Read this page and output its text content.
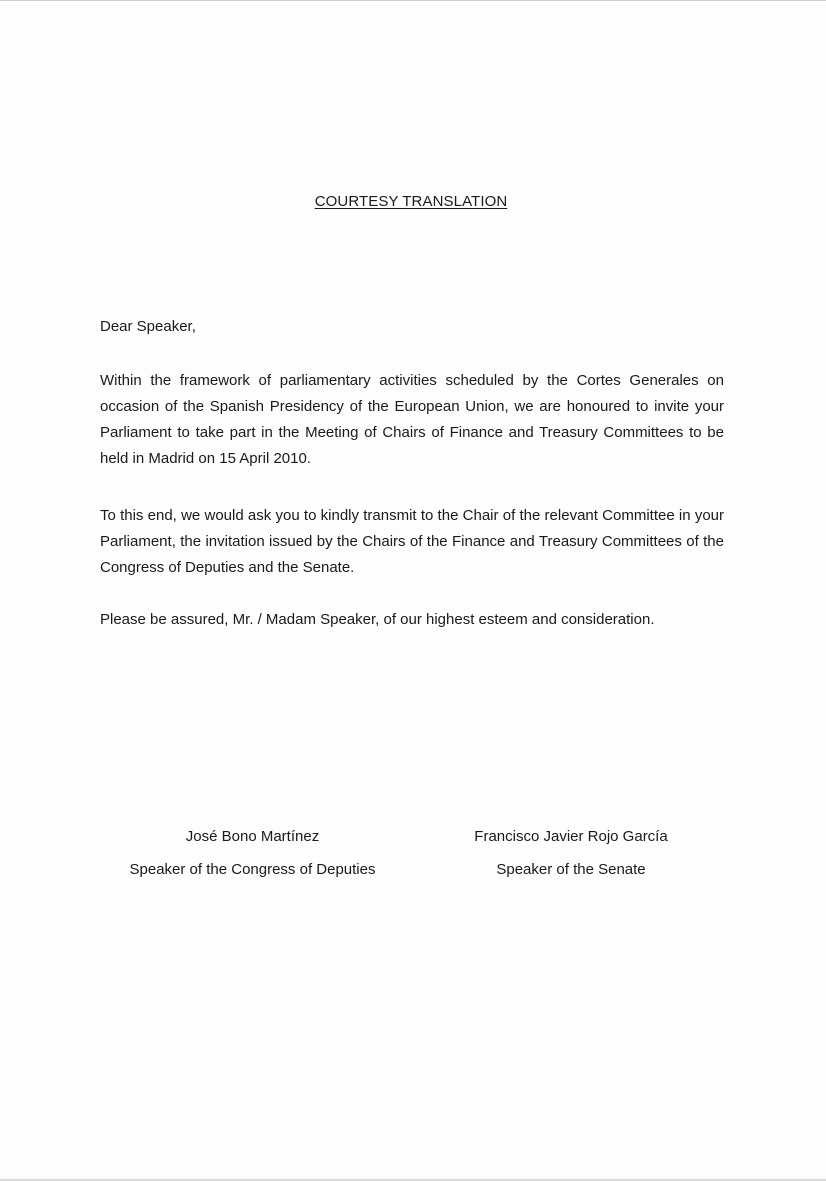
COURTESY TRANSLATION
Dear Speaker,

Within the framework of parliamentary activities scheduled by the Cortes Generales on occasion of the Spanish Presidency of the European Union, we are honoured to invite your Parliament to take part in the Meeting of Chairs of Finance and Treasury Committees to be held in Madrid on 15 April 2010.

To this end, we would ask you to kindly transmit to the Chair of the relevant Committee in your Parliament, the invitation issued by the Chairs of the Finance and Treasury Committees of the Congress of Deputies and the Senate.

Please be assured, Mr. / Madam Speaker, of our highest esteem and consideration.

José Bono Martínez
Speaker of the Congress of Deputies
Francisco Javier Rojo García
Speaker of the Senate
